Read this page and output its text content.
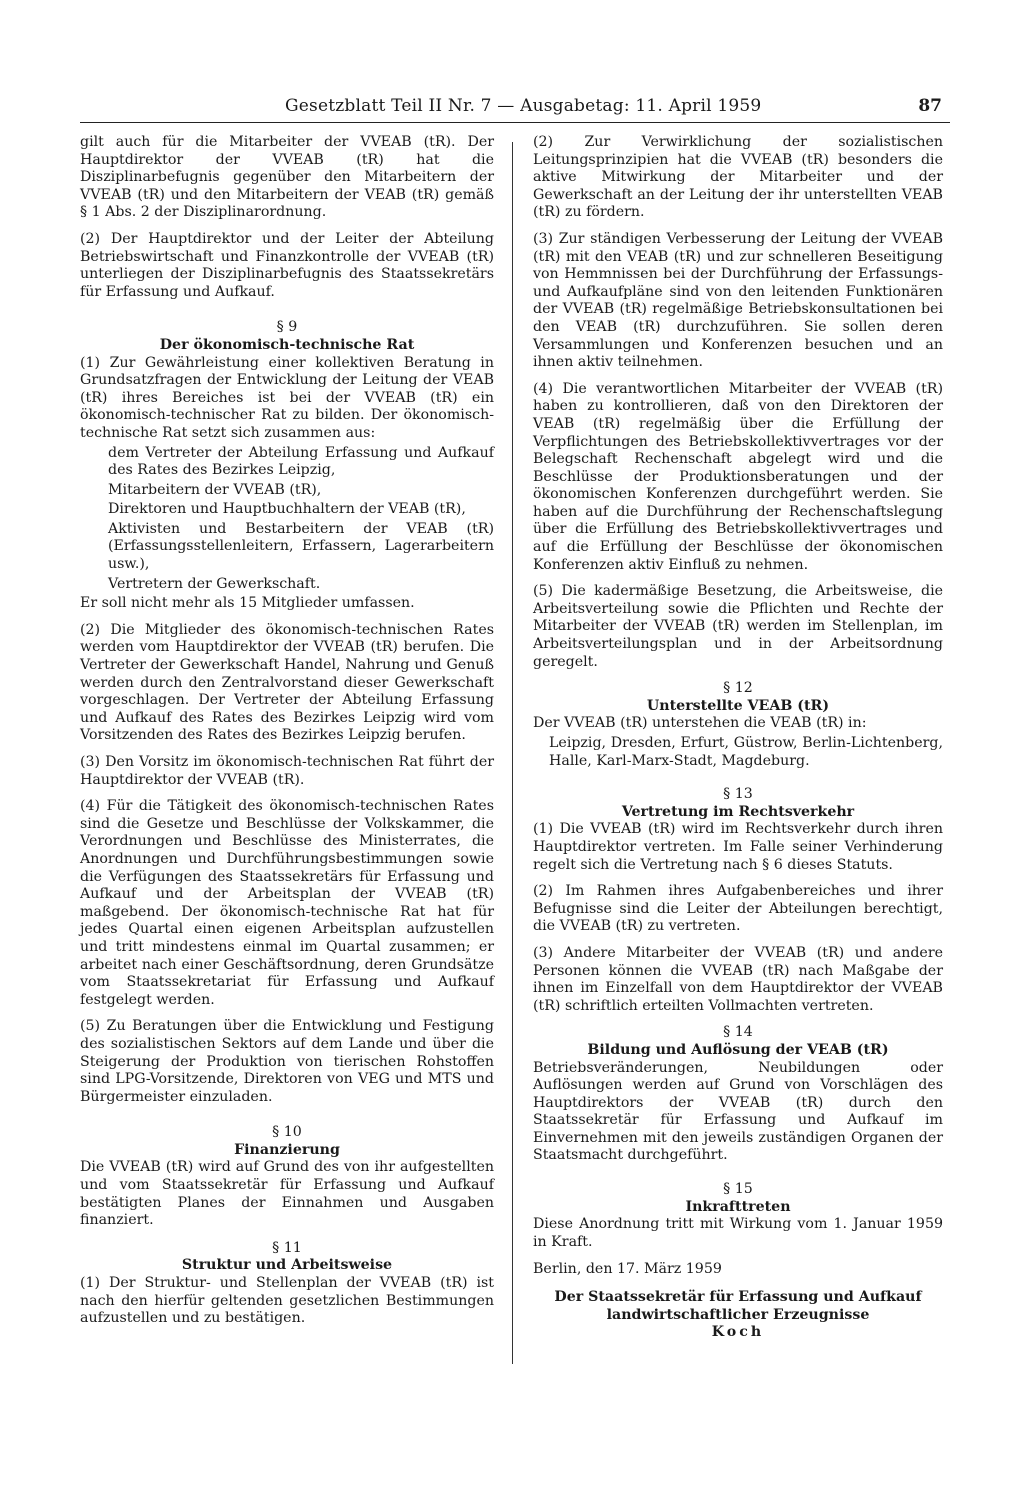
Gesetzblatt Teil II Nr. 7 — Ausgabetag: 11. April 1959	87

gilt auch für die Mitarbeiter der VVEAB (tR). Der Hauptdirektor der VVEAB (tR) hat die Disziplinarbefugnis gegenüber den Mitarbeitern der VVEAB (tR) und den Mitarbeitern der VEAB (tR) gemäß § 1 Abs. 2 der Disziplinarordnung.

(2) Der Hauptdirektor und der Leiter der Abteilung Betriebswirtschaft und Finanzkontrolle der VVEAB (tR) unterliegen der Disziplinarbefugnis des Staatssekretärs für Erfassung und Aufkauf.

§ 9
Der ökonomisch-technische Rat

(1) Zur Gewährleistung einer kollektiven Beratung in Grundsatzfragen der Entwicklung der Leitung der VEAB (tR) ihres Bereiches ist bei der VVEAB (tR) ein ökonomisch-technischer Rat zu bilden. Der ökonomisch-technische Rat setzt sich zusammen aus:

dem Vertreter der Abteilung Erfassung und Aufkauf des Rates des Bezirkes Leipzig,

Mitarbeitern der VVEAB (tR),

Direktoren und Hauptbuchhaltern der VEAB (tR),

Aktivisten und Bestarbeitern der VEAB (tR) (Erfassungsstellenleitern, Erfassern, Lagerarbeitern usw.),

Vertretern der Gewerkschaft.

Er soll nicht mehr als 15 Mitglieder umfassen.

(2) Die Mitglieder des ökonomisch-technischen Rates werden vom Hauptdirektor der VVEAB (tR) berufen. Die Vertreter der Gewerkschaft Handel, Nahrung und Genuß werden durch den Zentralvorstand dieser Gewerkschaft vorgeschlagen. Der Vertreter der Abteilung Erfassung und Aufkauf des Rates des Bezirkes Leipzig wird vom Vorsitzenden des Rates des Bezirkes Leipzig berufen.

(3) Den Vorsitz im ökonomisch-technischen Rat führt der Hauptdirektor der VVEAB (tR).

(4) Für die Tätigkeit des ökonomisch-technischen Rates sind die Gesetze und Beschlüsse der Volkskammer, die Verordnungen und Beschlüsse des Ministerrates, die Anordnungen und Durchführungsbestimmungen sowie die Verfügungen des Staatssekretärs für Erfassung und Aufkauf und der Arbeitsplan der VVEAB (tR) maßgebend. Der ökonomisch-technische Rat hat für jedes Quartal einen eigenen Arbeitsplan aufzustellen und tritt mindestens einmal im Quartal zusammen; er arbeitet nach einer Geschäftsordnung, deren Grundsätze vom Staatssekretariat für Erfassung und Aufkauf festgelegt werden.

(5) Zu Beratungen über die Entwicklung und Festigung des sozialistischen Sektors auf dem Lande und über die Steigerung der Produktion von tierischen Rohstoffen sind LPG-Vorsitzende, Direktoren von VEG und MTS und Bürgermeister einzuladen.

§ 10
Finanzierung

Die VVEAB (tR) wird auf Grund des von ihr aufgestellten und vom Staatssekretär für Erfassung und Aufkauf bestätigten Planes der Einnahmen und Ausgaben finanziert.

§ 11
Struktur und Arbeitsweise

(1) Der Struktur- und Stellenplan der VVEAB (tR) ist nach den hierfür geltenden gesetzlichen Bestimmungen aufzustellen und zu bestätigen.

(2) Zur Verwirklichung der sozialistischen Leitungsprinzipien hat die VVEAB (tR) besonders die aktive Mitwirkung der Mitarbeiter und der Gewerkschaft an der Leitung der ihr unterstellten VEAB (tR) zu fördern.

(3) Zur ständigen Verbesserung der Leitung der VVEAB (tR) mit den VEAB (tR) und zur schnelleren Beseitigung von Hemmnissen bei der Durchführung der Erfassungs- und Aufkaufpläne sind von den leitenden Funktionären der VVEAB (tR) regelmäßige Betriebskonsultationen bei den VEAB (tR) durchzuführen. Sie sollen deren Versammlungen und Konferenzen besuchen und an ihnen aktiv teilnehmen.

(4) Die verantwortlichen Mitarbeiter der VVEAB (tR) haben zu kontrollieren, daß von den Direktoren der VEAB (tR) regelmäßig über die Erfüllung der Verpflichtungen des Betriebskollektivvertrages vor der Belegschaft Rechenschaft abgelegt wird und die Beschlüsse der Produktionsberatungen und der ökonomischen Konferenzen durchgeführt werden. Sie haben auf die Durchführung der Rechenschaftslegung über die Erfüllung des Betriebskollektivvertrages und auf die Erfüllung der Beschlüsse der ökonomischen Konferenzen aktiv Einfluß zu nehmen.

(5) Die kadermäßige Besetzung, die Arbeitsweise, die Arbeitsverteilung sowie die Pflichten und Rechte der Mitarbeiter der VVEAB (tR) werden im Stellenplan, im Arbeitsverteilungsplan und in der Arbeitsordnung geregelt.

§ 12
Unterstellte VEAB (tR)

Der VVEAB (tR) unterstehen die VEAB (tR) in:

Leipzig, Dresden, Erfurt, Güstrow, Berlin-Lichtenberg, Halle, Karl-Marx-Stadt, Magdeburg.

§ 13
Vertretung im Rechtsverkehr

(1) Die VVEAB (tR) wird im Rechtsverkehr durch ihren Hauptdirektor vertreten. Im Falle seiner Verhinderung regelt sich die Vertretung nach § 6 dieses Statuts.

(2) Im Rahmen ihres Aufgabenbereiches und ihrer Befugnisse sind die Leiter der Abteilungen berechtigt, die VVEAB (tR) zu vertreten.

(3) Andere Mitarbeiter der VVEAB (tR) und andere Personen können die VVEAB (tR) nach Maßgabe der ihnen im Einzelfall von dem Hauptdirektor der VVEAB (tR) schriftlich erteilten Vollmachten vertreten.

§ 14
Bildung und Auflösung der VEAB (tR)

Betriebsveränderungen, Neubildungen oder Auflösungen werden auf Grund von Vorschlägen des Hauptdirektors der VVEAB (tR) durch den Staatssekretär für Erfassung und Aufkauf im Einvernehmen mit den jeweils zuständigen Organen der Staatsmacht durchgeführt.

§ 15
Inkrafttreten

Diese Anordnung tritt mit Wirkung vom 1. Januar 1959 in Kraft.

Berlin, den 17. März 1959

Der Staatssekretär für Erfassung und Aufkauf
landwirtschaftlicher Erzeugnisse
Koch
